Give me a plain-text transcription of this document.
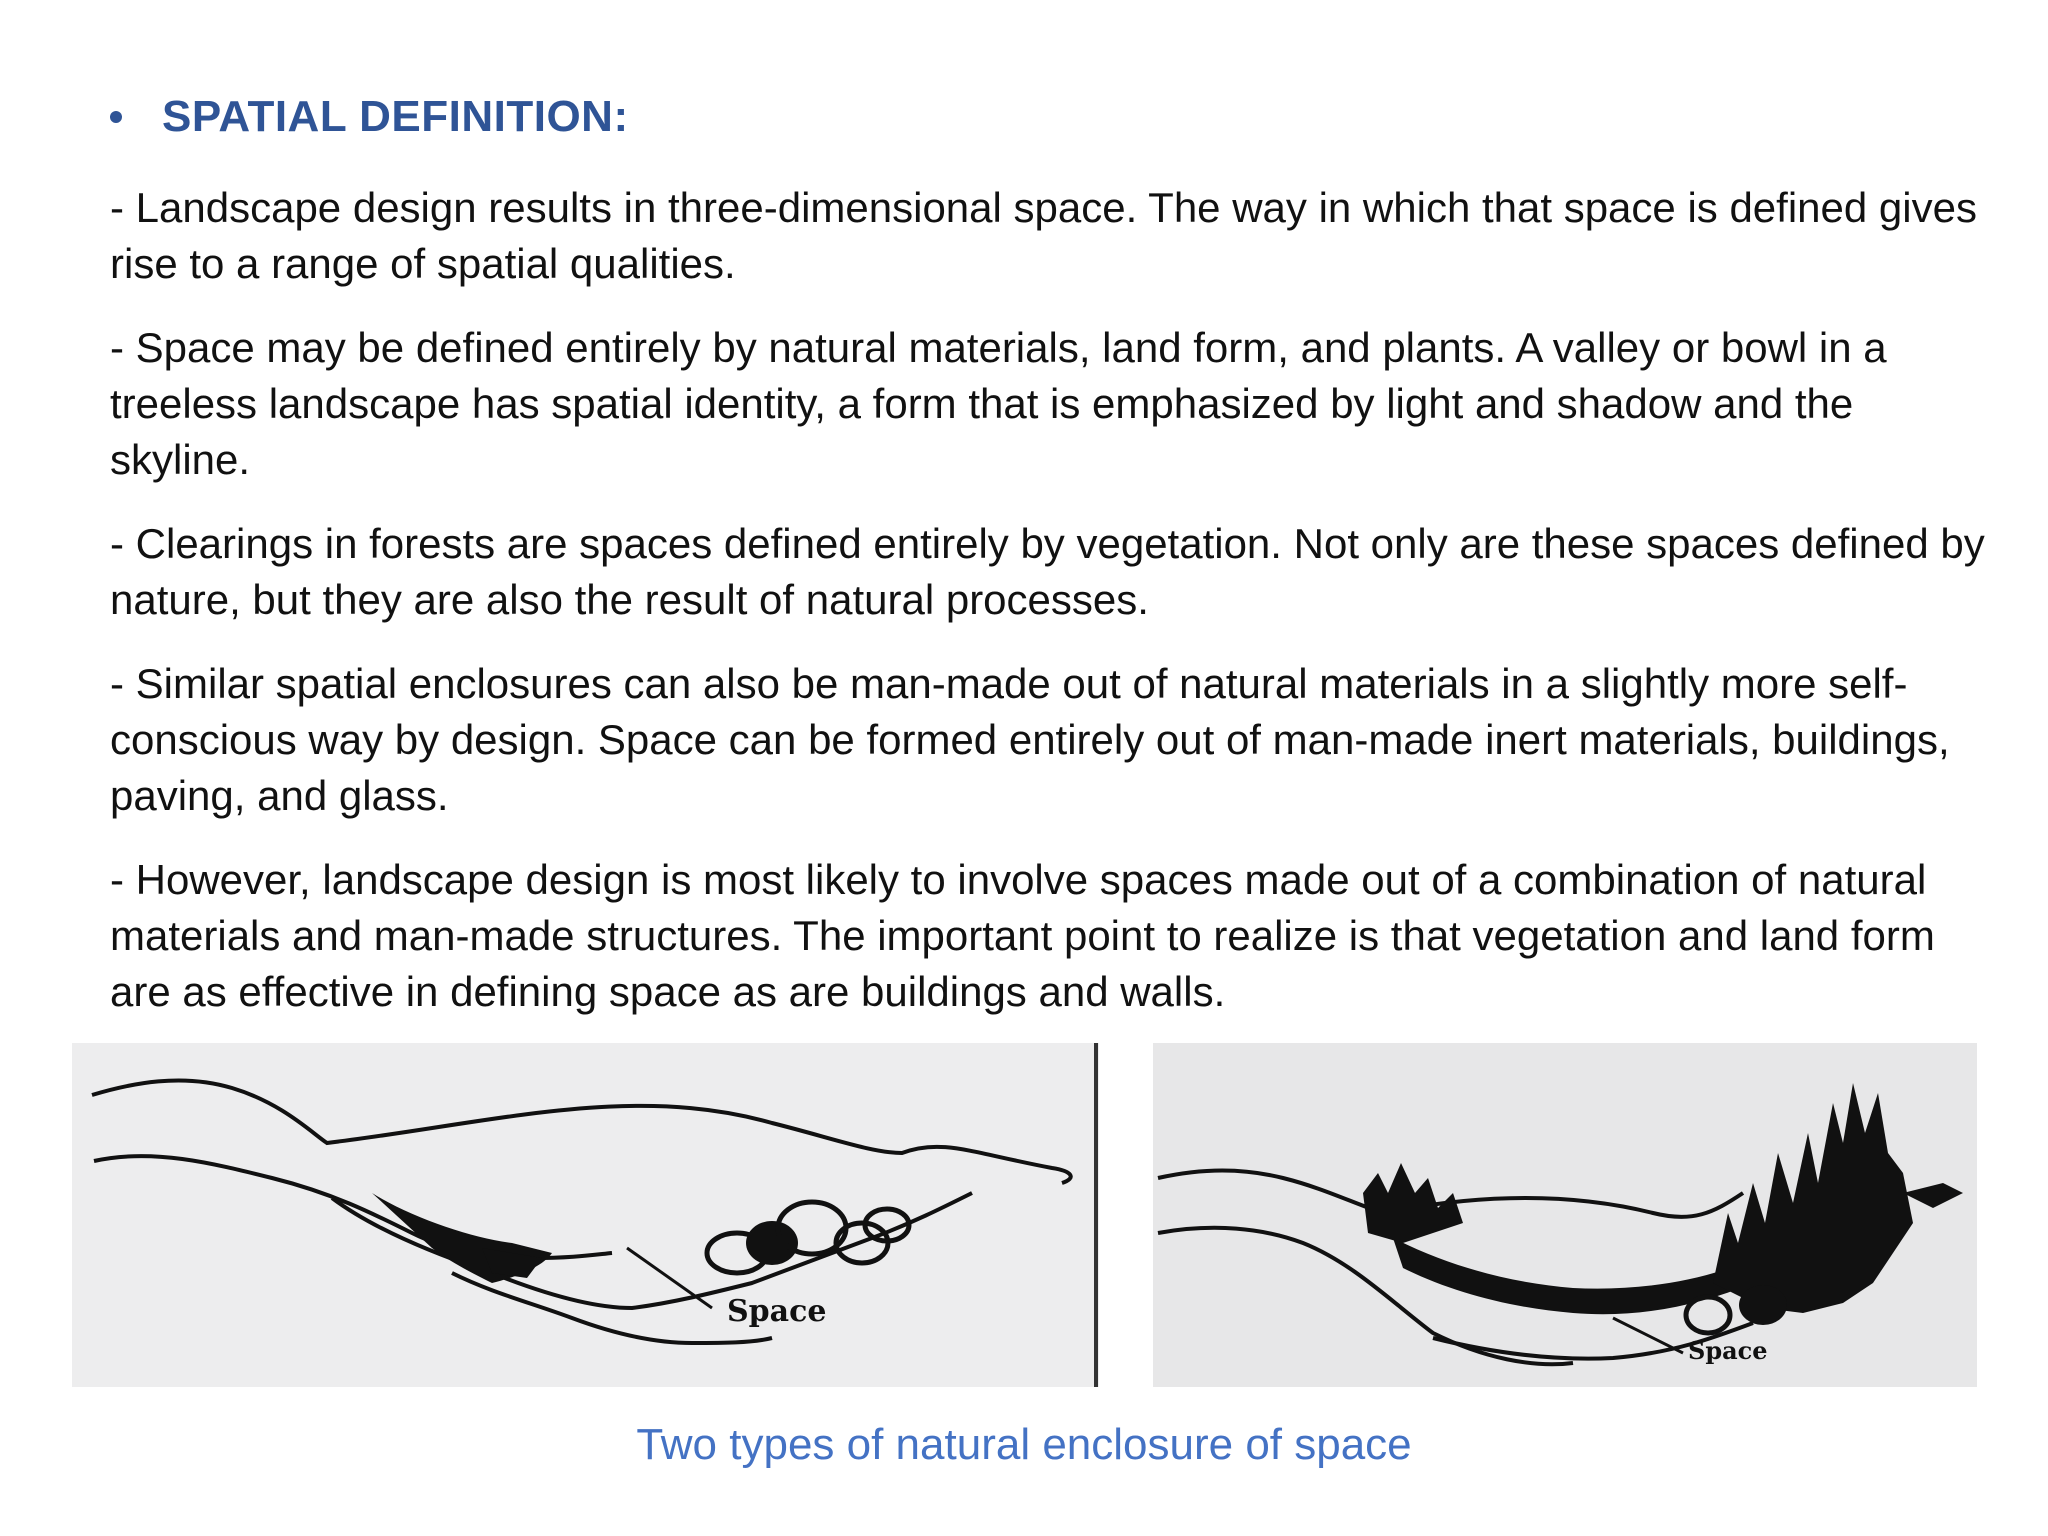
SPATIAL DEFINITION:

- Landscape design results in three-dimensional space. The way in which that space is defined gives rise to a range of spatial qualities.

- Space may be defined entirely by natural materials, land form, and plants. A valley or bowl in a treeless landscape has spatial identity, a form that is emphasized by light and shadow and the skyline.

- Clearings in forests are spaces defined entirely by vegetation. Not only are these spaces defined by nature, but they are also the result of natural processes.

- Similar spatial enclosures can also be man-made out of natural materials in a slightly more self-conscious way by design. Space can be formed entirely out of man-made inert materials, buildings, paving, and glass.

- However, landscape design is most likely to involve spaces made out of a combination of natural materials and man-made structures. The important point to realize is that vegetation and land form are as effective in defining space as are buildings and walls.

Space
Space
Two types of natural enclosure of space
